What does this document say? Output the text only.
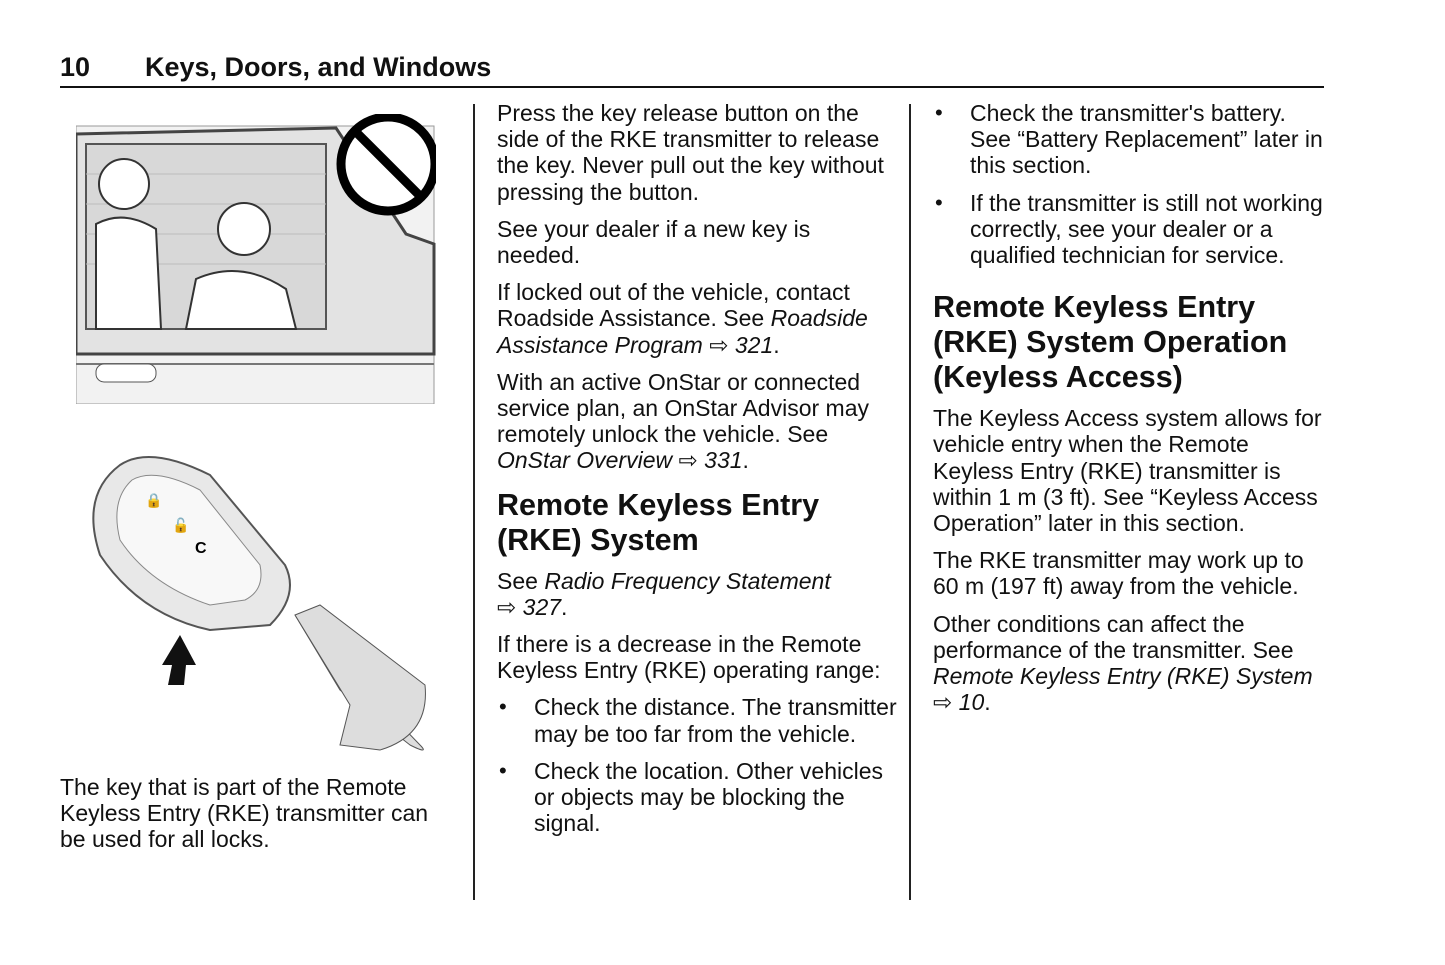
10 Keys, Doors, and Windows
🔒
🔓
C

The key that is part of the Remote Keyless Entry (RKE) transmitter can be used for all locks.

Press the key release button on the side of the RKE transmitter to release the key. Never pull out the key without pressing the button.

See your dealer if a new key is needed.

If locked out of the vehicle, contact Roadside Assistance. See Roadside Assistance Program ⇨ 321.

With an active OnStar or connected service plan, an OnStar Advisor may remotely unlock the vehicle. See OnStar Overview ⇨ 331.

Remote Keyless Entry (RKE) System

See Radio Frequency Statement
⇨ 327.

If there is a decrease in the Remote Keyless Entry (RKE) operating range:

• Check the distance. The transmitter may be too far from the vehicle.
• Check the location. Other vehicles or objects may be blocking the signal.
• Check the transmitter's battery. See “Battery Replacement” later in this section.
• If the transmitter is still not working correctly, see your dealer or a qualified technician for service.
Remote Keyless Entry (RKE) System Operation (Keyless Access)

The Keyless Access system allows for vehicle entry when the Remote Keyless Entry (RKE) transmitter is within 1 m (3 ft). See “Keyless Access Operation” later in this section.

The RKE transmitter may work up to 60 m (197 ft) away from the vehicle.

Other conditions can affect the performance of the transmitter. See Remote Keyless Entry (RKE) System ⇨ 10.
